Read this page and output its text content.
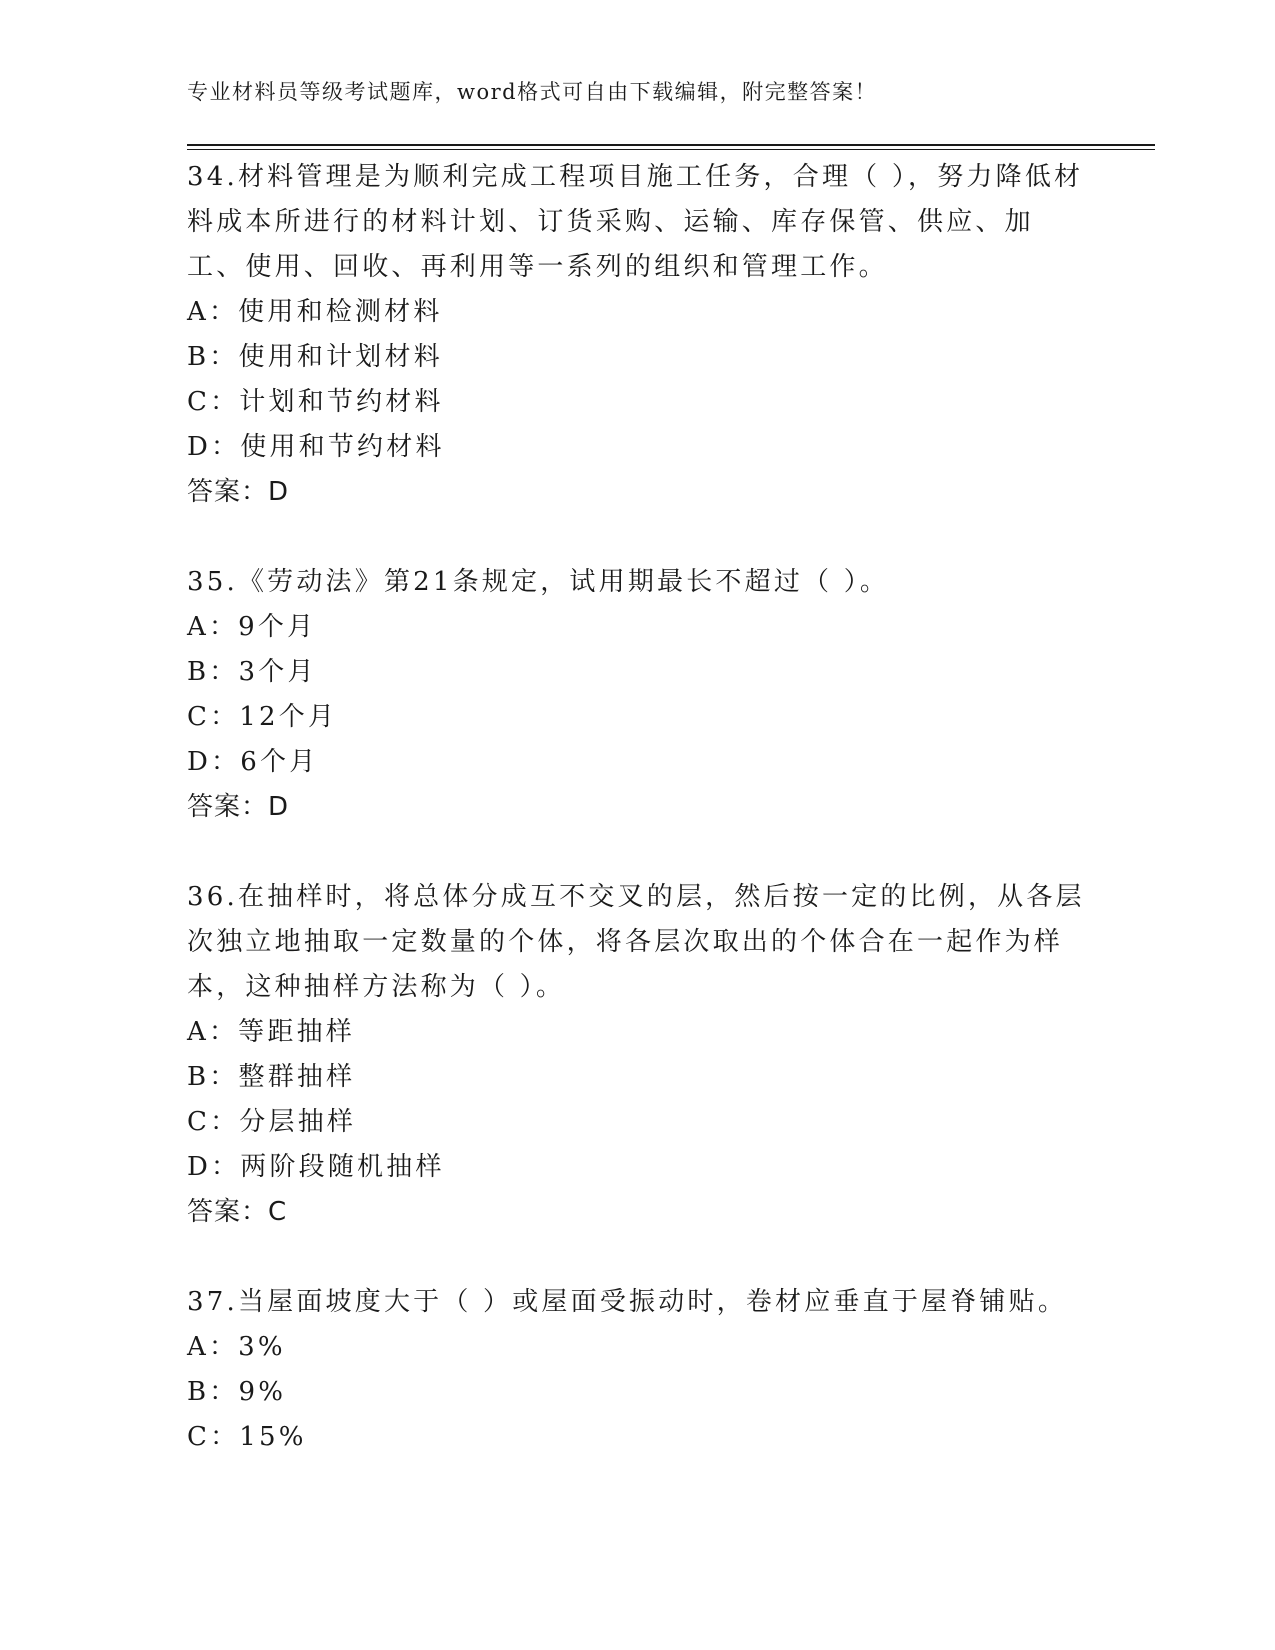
专业材料员等级考试题库，word格式可自由下载编辑，附完整答案！

34.材料管理是为顺利完成工程项目施工任务，合理（ ），努力降低材料成本所进行的材料计划、订货采购、运输、库存保管、供应、加工、使用、回收、再利用等一系列的组织和管理工作。

A：使用和检测材料
B：使用和计划材料
C：计划和节约材料
D：使用和节约材料
答案：D

35.《劳动法》第21条规定，试用期最长不超过（ ）。

A：9个月
B：3个月
C：12个月
D：6个月
答案：D

36.在抽样时，将总体分成互不交叉的层，然后按一定的比例，从各层次独立地抽取一定数量的个体，将各层次取出的个体合在一起作为样本，这种抽样方法称为（ ）。

A：等距抽样
B：整群抽样
C：分层抽样
D：两阶段随机抽样
答案：C

37.当屋面坡度大于（ ）或屋面受振动时，卷材应垂直于屋脊铺贴。

A：3%
B：9%
C：15%
